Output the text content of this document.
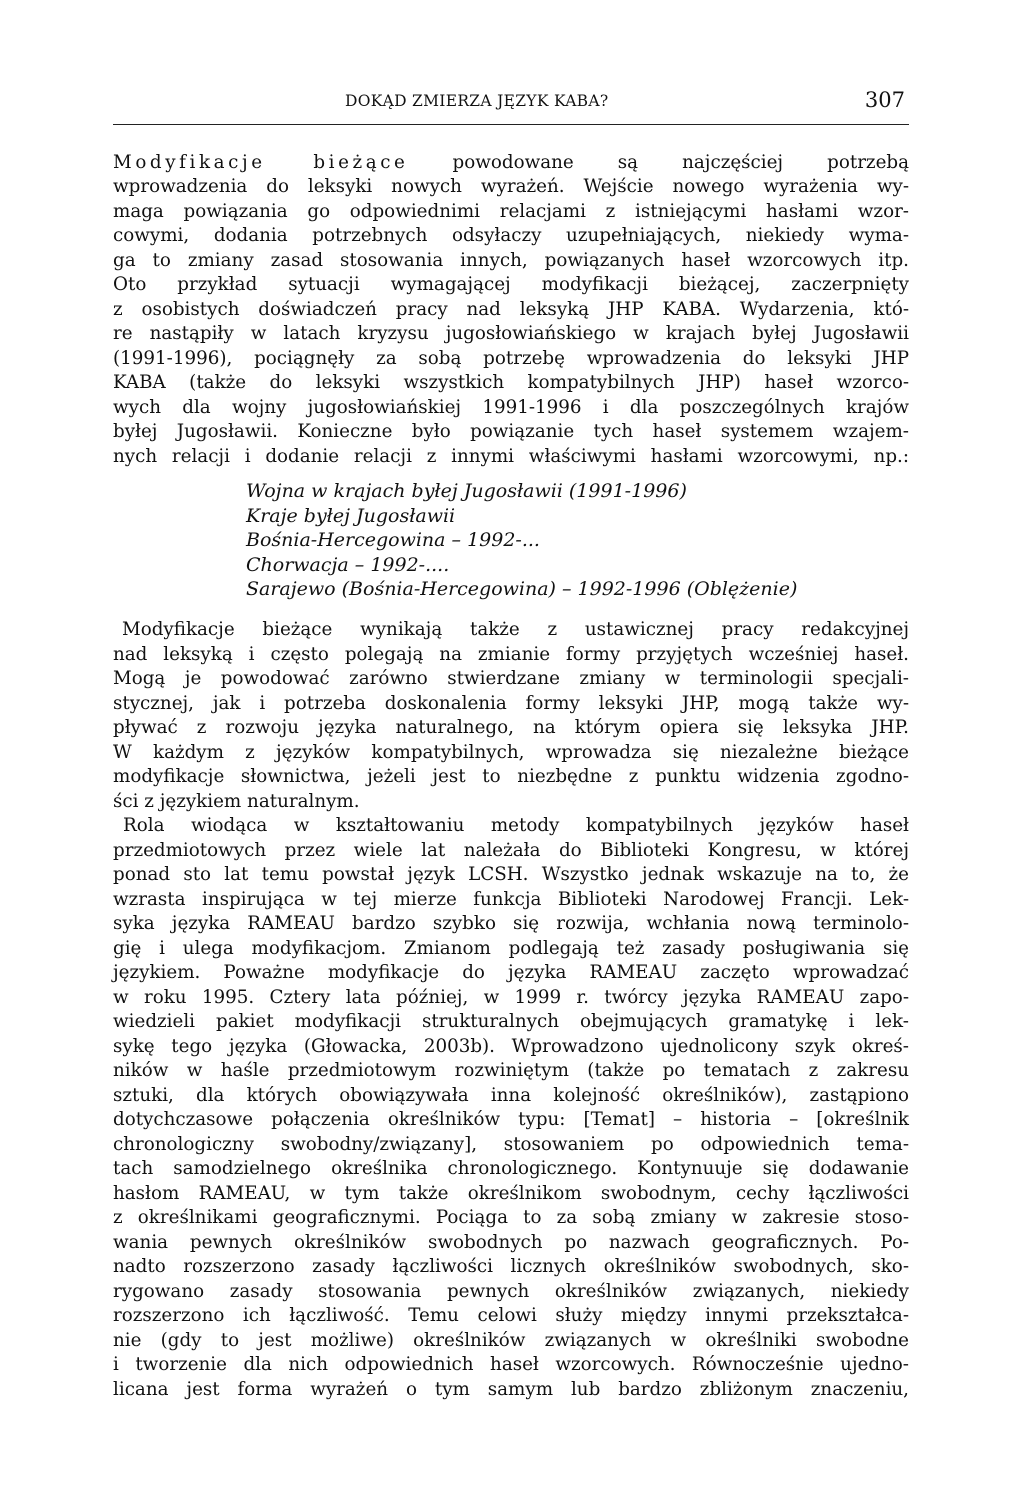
DOKĄD ZMIERZA JĘZYK KABA?	307
Modyfikacje bieżące powodowane są najczęściej potrzebą
wprowadzenia do leksyki nowych wyrażeń. Wejście nowego wyrażenia wy-
maga powiązania go odpowiednimi relacjami z istniejącymi hasłami wzor-
cowymi, dodania potrzebnych odsyłaczy uzupełniających, niekiedy wyma-
ga to zmiany zasad stosowania innych, powiązanych haseł wzorcowych itp.
Oto przykład sytuacji wymagającej modyfikacji bieżącej, zaczerpnięty
z osobistych doświadczeń pracy nad leksyką JHP KABA. Wydarzenia, któ-
re nastąpiły w latach kryzysu jugosłowiańskiego w krajach byłej Jugosławii
(1991-1996), pociągnęły za sobą potrzebę wprowadzenia do leksyki JHP
KABA (także do leksyki wszystkich kompatybilnych JHP) haseł wzorco-
wych dla wojny jugosłowiańskiej 1991-1996 i dla poszczególnych krajów
byłej Jugosławii. Konieczne było powiązanie tych haseł systemem wzajem-
nych relacji i dodanie relacji z innymi właściwymi hasłami wzorcowymi, np.:
Wojna w krajach byłej Jugosławii (1991-1996)
Kraje byłej Jugosławii
Bośnia-Hercegowina – 1992-...
Chorwacja – 1992-....
Sarajewo (Bośnia-Hercegowina) – 1992-1996 (Oblężenie)
Modyfikacje bieżące wynikają także z ustawicznej pracy redakcyjnej
nad leksyką i często polegają na zmianie formy przyjętych wcześniej haseł.
Mogą je powodować zarówno stwierdzane zmiany w terminologii specjali-
stycznej, jak i potrzeba doskonalenia formy leksyki JHP, mogą także wy-
pływać z rozwoju języka naturalnego, na którym opiera się leksyka JHP.
W każdym z języków kompatybilnych, wprowadza się niezależne bieżące
modyfikacje słownictwa, jeżeli jest to niezbędne z punktu widzenia zgodno-
ści z językiem naturalnym.
Rola wiodąca w kształtowaniu metody kompatybilnych języków haseł
przedmiotowych przez wiele lat należała do Biblioteki Kongresu, w której
ponad sto lat temu powstał język LCSH. Wszystko jednak wskazuje na to, że
wzrasta inspirująca w tej mierze funkcja Biblioteki Narodowej Francji. Lek-
syka języka RAMEAU bardzo szybko się rozwija, wchłania nową terminolo-
gię i ulega modyfikacjom. Zmianom podlegają też zasady posługiwania się
językiem. Poważne modyfikacje do języka RAMEAU zaczęto wprowadzać
w roku 1995. Cztery lata później, w 1999 r. twórcy języka RAMEAU zapo-
wiedzieli pakiet modyfikacji strukturalnych obejmujących gramatykę i lek-
sykę tego języka (Głowacka, 2003b). Wprowadzono ujednolicony szyk okreś-
ników w haśle przedmiotowym rozwiniętym (także po tematach z zakresu
sztuki, dla których obowiązywała inna kolejność określników), zastąpiono
dotychczasowe połączenia określników typu: [Temat] – historia – [określnik
chronologiczny swobodny/związany], stosowaniem po odpowiednich tema-
tach samodzielnego określnika chronologicznego. Kontynuuje się dodawanie
hasłom RAMEAU, w tym także określnikom swobodnym, cechy łączliwości
z określnikami geograficznymi. Pociąga to za sobą zmiany w zakresie stoso-
wania pewnych określników swobodnych po nazwach geograficznych. Po-
nadto rozszerzono zasady łączliwości licznych określników swobodnych, sko-
rygowano zasady stosowania pewnych określników związanych, niekiedy
rozszerzono ich łączliwość. Temu celowi służy między innymi przekształca-
nie (gdy to jest możliwe) określników związanych w określniki swobodne
i tworzenie dla nich odpowiednich haseł wzorcowych. Równocześnie ujedno-
licana jest forma wyrażeń o tym samym lub bardzo zbliżonym znaczeniu,
